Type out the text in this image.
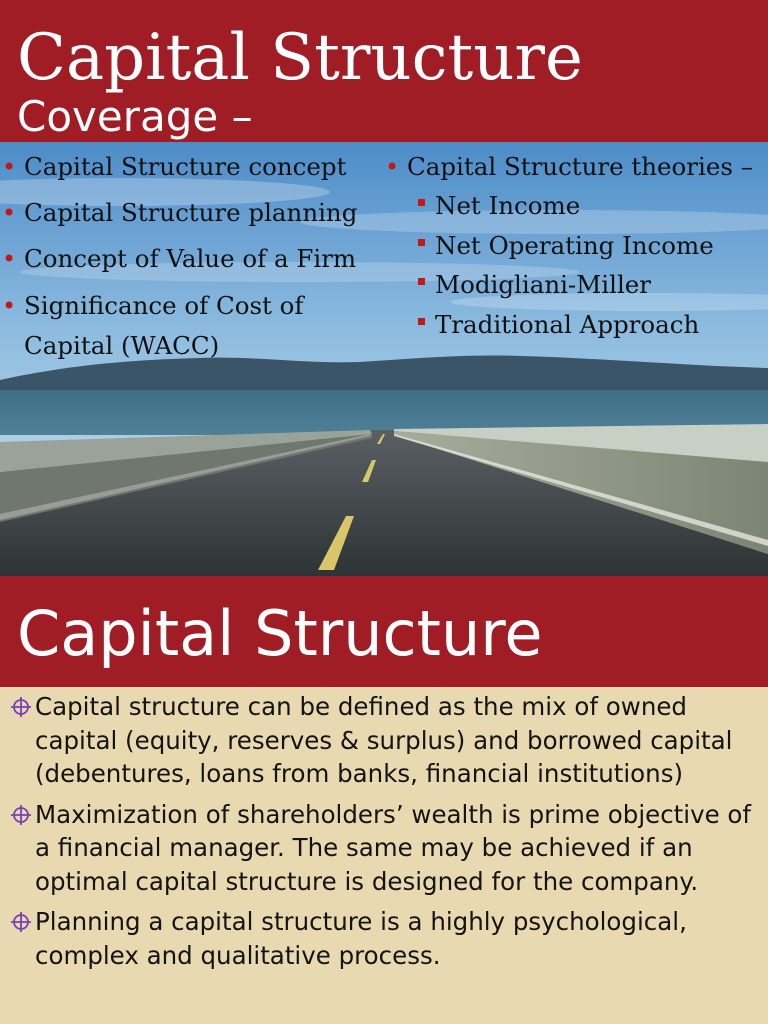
Capital Structure
Coverage –
• Capital Structure concept
• Capital Structure planning
• Concept of Value of a Firm
• Significance of Cost of
Capital (WACC)
• Capital Structure theories –
Net Income
Net Operating Income
Modigliani-Miller
Traditional Approach
Capital Structure
Capital structure can be defined as the mix of owned capital (equity, reserves & surplus) and borrowed capital (debentures, loans from banks, financial institutions)
Maximization of shareholders’ wealth is prime objective of a financial manager. The same may be achieved if an optimal capital structure is designed for the company.
Planning a capital structure is a highly psychological, complex and qualitative process.
